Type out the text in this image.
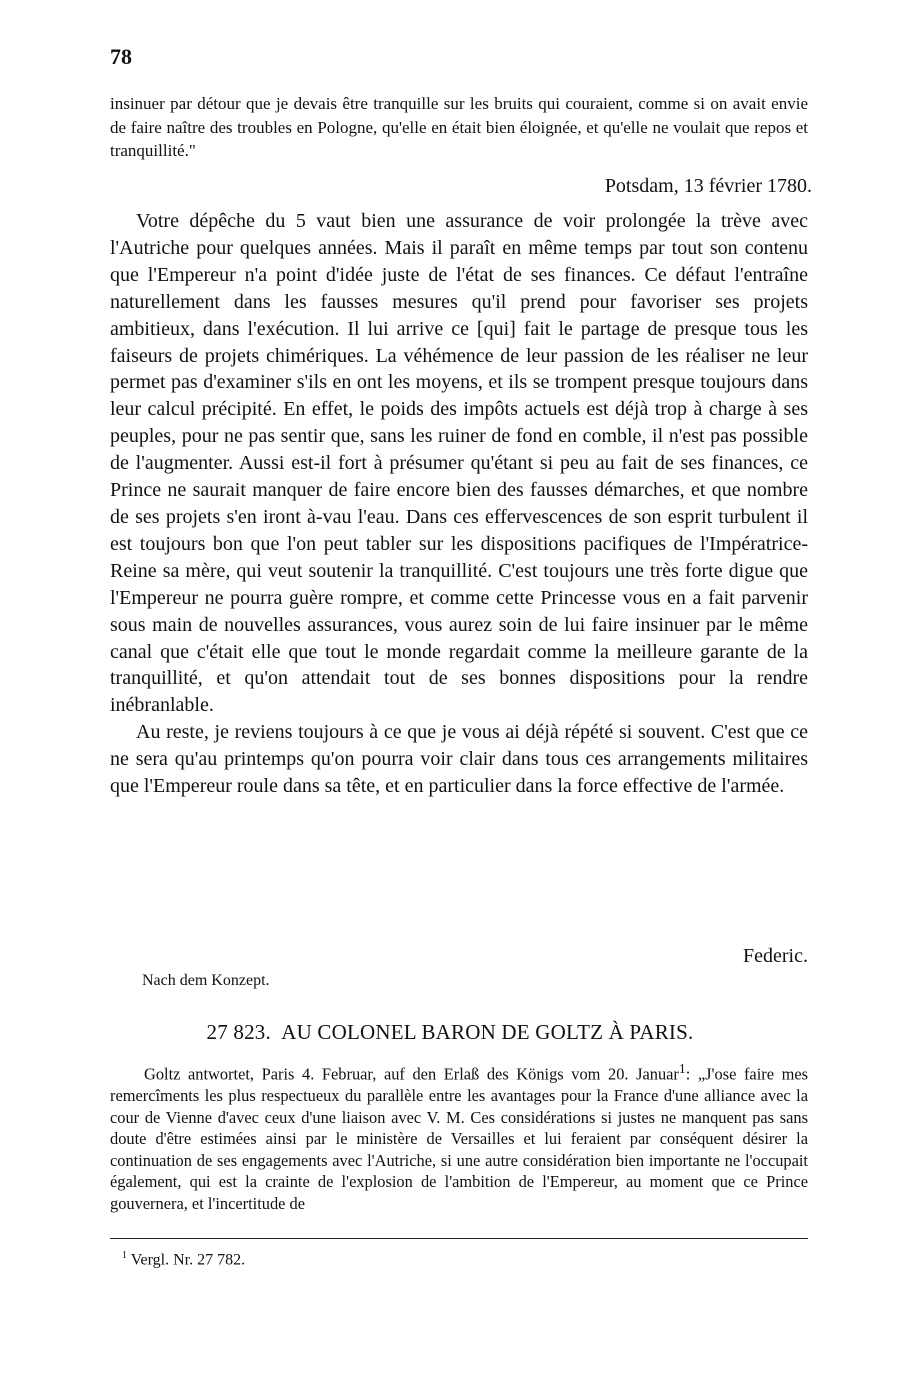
78
insinuer par détour que je devais être tranquille sur les bruits qui couraient, comme si on avait envie de faire naître des troubles en Pologne, qu'elle en était bien éloignée, et qu'elle ne voulait que repos et tranquillité."
Potsdam, 13 février 1780.

Votre dépêche du 5 vaut bien une assurance de voir prolongée la trève avec l'Autriche pour quelques années. Mais il paraît en même temps par tout son contenu que l'Empereur n'a point d'idée juste de l'état de ses finances. Ce défaut l'entraîne naturellement dans les fausses mesures qu'il prend pour favoriser ses projets ambitieux, dans l'exécution. Il lui arrive ce [qui] fait le partage de presque tous les faiseurs de projets chimériques. La véhémence de leur passion de les réaliser ne leur permet pas d'examiner s'ils en ont les moyens, et ils se trompent presque toujours dans leur calcul précipité. En effet, le poids des impôts actuels est déjà trop à charge à ses peuples, pour ne pas sentir que, sans les ruiner de fond en comble, il n'est pas possible de l'augmenter. Aussi est-il fort à présumer qu'étant si peu au fait de ses finances, ce Prince ne saurait manquer de faire encore bien des fausses démarches, et que nombre de ses projets s'en iront à-vau l'eau. Dans ces effervescences de son esprit turbulent il est toujours bon que l'on peut tabler sur les dispositions pacifiques de l'Impératrice-Reine sa mère, qui veut soutenir la tranquillité. C'est toujours une très forte digue que l'Empereur ne pourra guère rompre, et comme cette Princesse vous en a fait parvenir sous main de nouvelles assurances, vous aurez soin de lui faire insinuer par le même canal que c'était elle que tout le monde regardait comme la meilleure garante de la tranquillité, et qu'on attendait tout de ses bonnes dispositions pour la rendre inébranlable.

Au reste, je reviens toujours à ce que je vous ai déjà répété si souvent. C'est que ce ne sera qu'au printemps qu'on pourra voir clair dans tous ces arrangements militaires que l'Empereur roule dans sa tête, et en particulier dans la force effective de l'armée.

Federic.
Nach dem Konzept.
27 823. AU COLONEL BARON DE GOLTZ À PARIS.

Goltz antwortet, Paris 4. Februar, auf den Erlaß des Königs vom 20. Januar$^1$: „J'ose faire mes remercîments les plus respectueux du parallèle entre les avantages pour la France d'une alliance avec la cour de Vienne d'avec ceux d'une liaison avec V. M. Ces considérations si justes ne manquent pas sans doute d'être estimées ainsi par le ministère de Versailles et lui feraient par conséquent désirer la continuation de ses engagements avec l'Autriche, si une autre considération bien importante ne l'occupait également, qui est la crainte de l'explosion de l'ambition de l'Empereur, au moment que ce Prince gouvernera, et l'incertitude de

$^1$ Vergl. Nr. 27 782.
